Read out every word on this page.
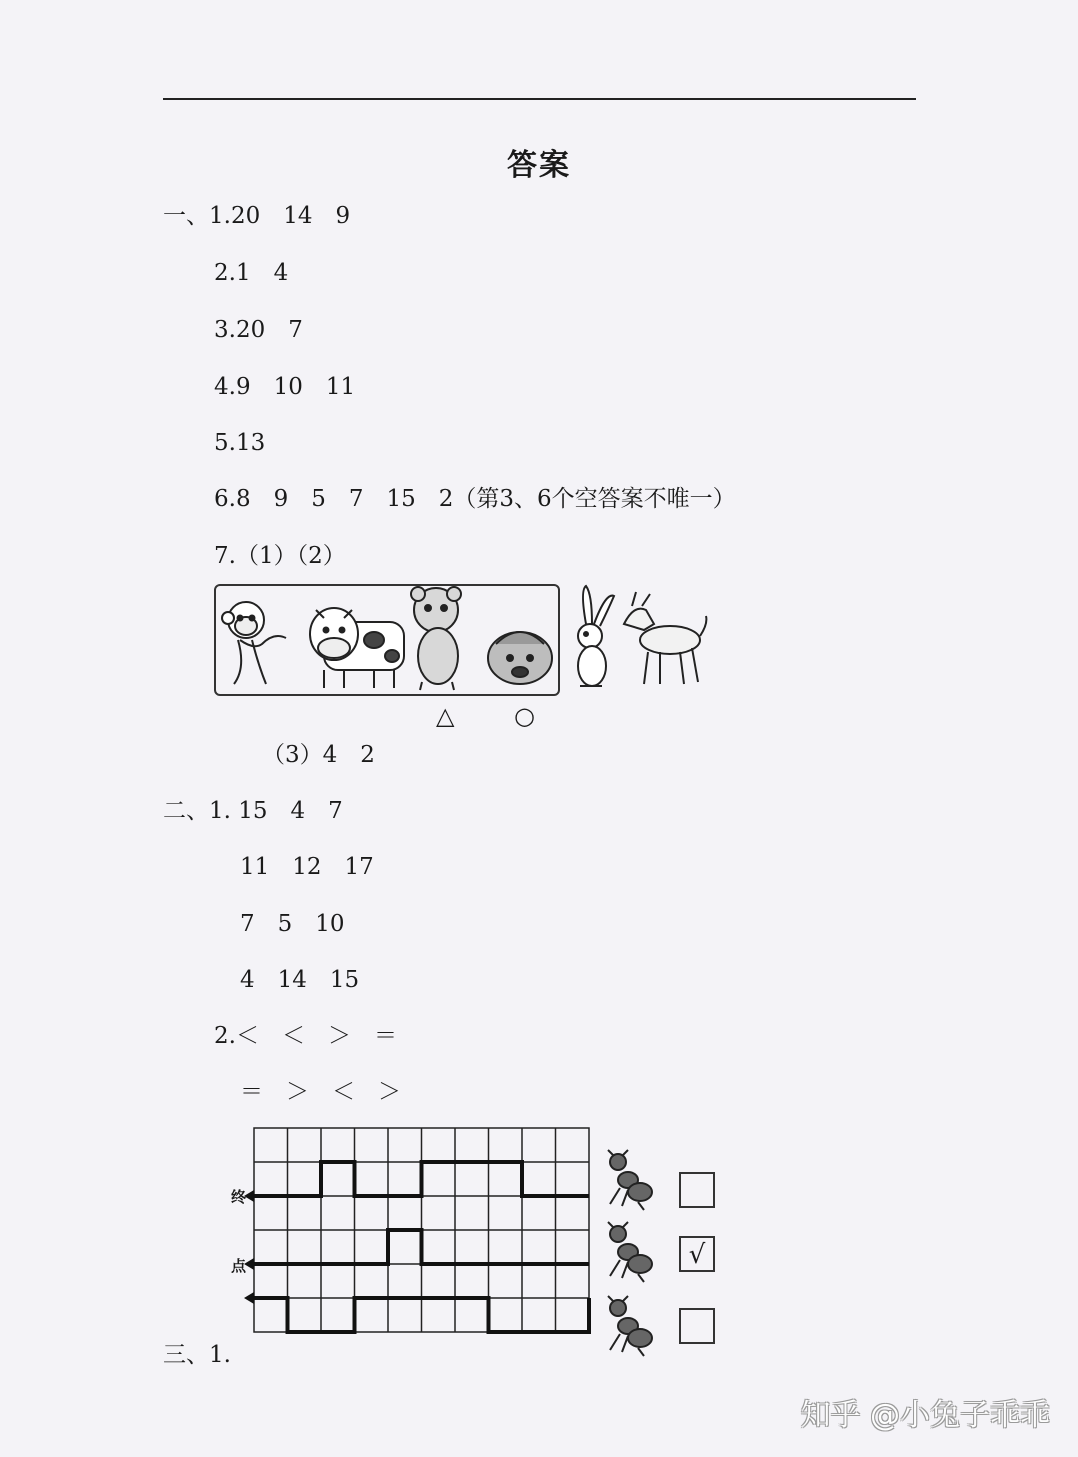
答案
一、1.20　14　9
2.1　4
3.20　7
4.9　10　11
5.13
6.8　9　5　7　15　2（第3、6个空答案不唯一）
7.（1）（2）
△ ○
（3）4　2
二、1. 15　4　7
11　12　17
7　5　10
4　14　15
2.＜　＜　＞　＝
＝　＞　＜　＞
终
点	√
三、1.
知乎 @小兔子乖乖
